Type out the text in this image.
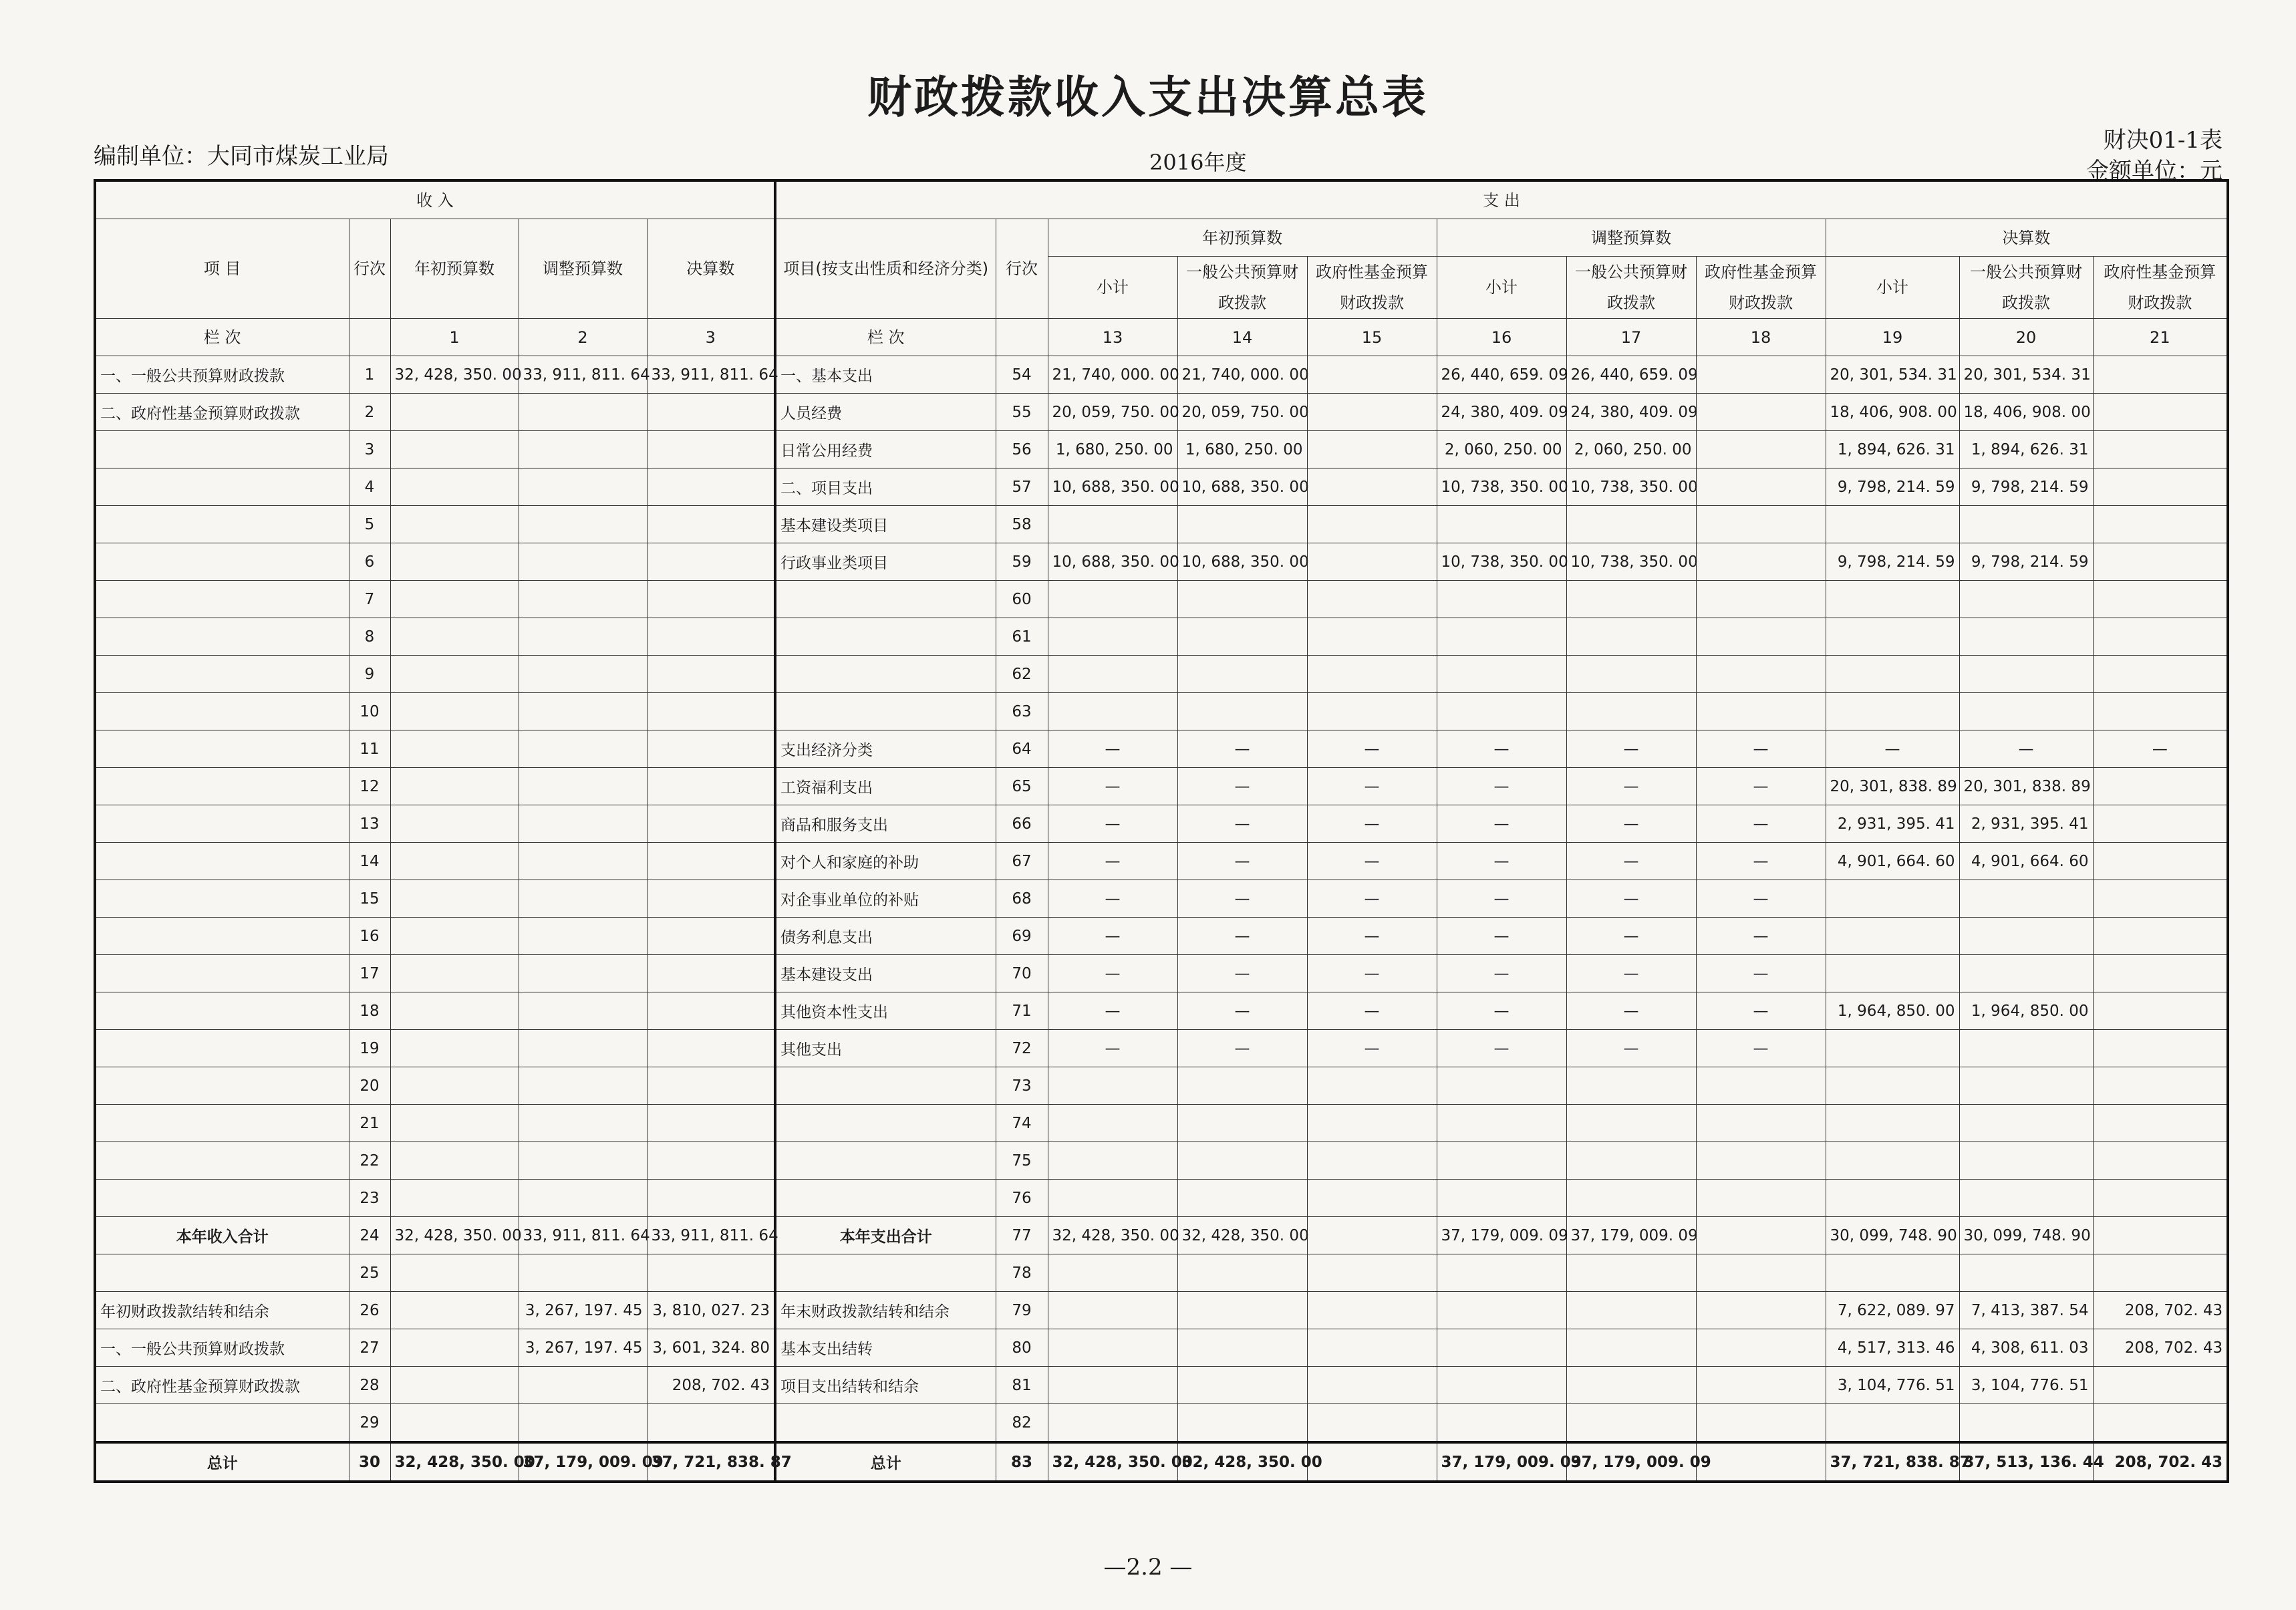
财政拨款收入支出决算总表
编制单位：大同市煤炭工业局	2016年度
财决01-1表
金额单位：元
收 入					支 出										
项 目	行次	年初预算数	调整预算数	决算数	项目(按支出性质和经济分类)	行次	年初预算数			调整预算数			决算数		
							小计	一般公共预算财政拨款	政府性基金预算财政拨款	小计	一般公共预算财政拨款	政府性基金预算财政拨款	小计	一般公共预算财政拨款	政府性基金预算财政拨款
栏 次		1	2	3	栏 次		13	14	15	16	17	18	19	20	21
一、一般公共预算财政拨款	1	32, 428, 350. 00	33, 911, 811. 64	33, 911, 811. 64	一、基本支出	54	21, 740, 000. 00	21, 740, 000. 00		26, 440, 659. 09	26, 440, 659. 09		20, 301, 534. 31	20, 301, 534. 31	
二、政府性基金预算财政拨款	2				人员经费	55	20, 059, 750. 00	20, 059, 750. 00		24, 380, 409. 09	24, 380, 409. 09		18, 406, 908. 00	18, 406, 908. 00	
	3				日常公用经费	56	1, 680, 250. 00	1, 680, 250. 00		2, 060, 250. 00	2, 060, 250. 00		1, 894, 626. 31	1, 894, 626. 31	
	4				二、项目支出	57	10, 688, 350. 00	10, 688, 350. 00		10, 738, 350. 00	10, 738, 350. 00		9, 798, 214. 59	9, 798, 214. 59	
	5				基本建设类项目	58									
	6				行政事业类项目	59	10, 688, 350. 00	10, 688, 350. 00		10, 738, 350. 00	10, 738, 350. 00		9, 798, 214. 59	9, 798, 214. 59	
	7					60									
	8					61									
	9					62									
	10					63									
	11				支出经济分类	64	—	—	—	—	—	—	—	—	—
	12				工资福利支出	65	—	—	—	—	—	—	20, 301, 838. 89	20, 301, 838. 89	
	13				商品和服务支出	66	—	—	—	—	—	—	2, 931, 395. 41	2, 931, 395. 41	
	14				对个人和家庭的补助	67	—	—	—	—	—	—	4, 901, 664. 60	4, 901, 664. 60	
	15				对企事业单位的补贴	68	—	—	—	—	—	—			
	16				债务利息支出	69	—	—	—	—	—	—			
	17				基本建设支出	70	—	—	—	—	—	—			
	18				其他资本性支出	71	—	—	—	—	—	—	1, 964, 850. 00	1, 964, 850. 00	
	19				其他支出	72	—	—	—	—	—	—			
	20					73									
	21					74									
	22					75									
	23					76									
本年收入合计	24	32, 428, 350. 00	33, 911, 811. 64	33, 911, 811. 64	本年支出合计	77	32, 428, 350. 00	32, 428, 350. 00		37, 179, 009. 09	37, 179, 009. 09		30, 099, 748. 90	30, 099, 748. 90	
	25					78									
年初财政拨款结转和结余	26		3, 267, 197. 45	3, 810, 027. 23	年末财政拨款结转和结余	79							7, 622, 089. 97	7, 413, 387. 54	208, 702. 43
一、一般公共预算财政拨款	27		3, 267, 197. 45	3, 601, 324. 80	基本支出结转	80							4, 517, 313. 46	4, 308, 611. 03	208, 702. 43
二、政府性基金预算财政拨款	28			208, 702. 43	项目支出结转和结余	81							3, 104, 776. 51	3, 104, 776. 51	
	29					82									
总计	30	32, 428, 350. 00	37, 179, 009. 09	37, 721, 838. 87	总计	83	32, 428, 350. 00	32, 428, 350. 00		37, 179, 009. 09	37, 179, 009. 09		37, 721, 838. 87	37, 513, 136. 44	208, 702. 43
—2.2 —
